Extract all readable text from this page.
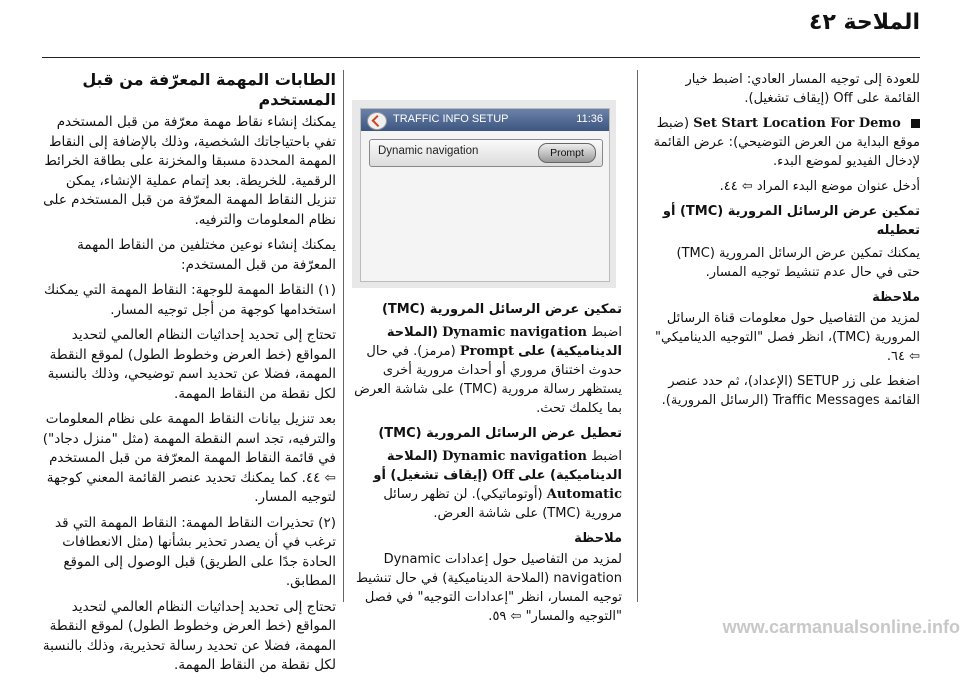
الملاحة ٤٢

الطابات المهمة المعرّفة من قبل المستخدم

يمكنك إنشاء نقاط مهمة معرّفة من قبل المستخدم تفي باحتياجاتك الشخصية، وذلك بالإضافة إلى النقاط المهمة المحددة مسبقا والمخزنة على بطاقة الخرائط الرقمية. للخريطة. بعد إتمام عملية الإنشاء، يمكن تنزيل النقاط المهمة المعرّفة من قبل المستخدم على نظام المعلومات والترفيه.

يمكنك إنشاء نوعين مختلفين من النقاط المهمة المعرّفة من قبل المستخدم:

(١) النقاط المهمة للوجهة: النقاط المهمة التي يمكنك استخدامها كوجهة من أجل توجيه المسار.

تحتاج إلى تحديد إحداثيات النظام العالمي لتحديد المواقع (خط العرض وخطوط الطول) لموقع النقطة المهمة، فضلا عن تحديد اسم توضيحي، وذلك بالنسبة لكل نقطة من النقاط المهمة.

بعد تنزيل بيانات النقاط المهمة على نظام المعلومات والترفيه، تجد اسم النقطة المهمة (مثل "منزل دجاد") في قائمة النقاط المهمة المعرّفة من قبل المستخدم ⇦ ٤٤. كما يمكنك تحديد عنصر القائمة المعني كوجهة لتوجيه المسار.

(٢) تحذيرات النقاط المهمة: النقاط المهمة التي قد ترغب في أن يصدر تحذير بشأنها (مثل الانعطافات الحادة جدًا على الطريق) قبل الوصول إلى الموقع المطابق.

تحتاج إلى تحديد إحداثيات النظام العالمي لتحديد المواقع (خط العرض وخطوط الطول) لموقع النقطة المهمة، فضلا عن تحديد رسالة تحذيرية، وذلك بالنسبة لكل نقطة من النقاط المهمة.

TRAFFIC INFO SETUP	11:36
Dynamic navigation	Prompt

تمكين عرض الرسائل المرورية (TMC)

اضبط Dynamic navigation (الملاحة الديناميكية) على Prompt (مرمز). في حال حدوث اختناق مروري أو أحداث مرورية أخرى يستظهر رسالة مرورية (TMC) على شاشة العرض بما يكلمك تحث.

تعطيل عرض الرسائل المرورية (TMC)

اضبط Dynamic navigation (الملاحة الديناميكية) على Off (إيقاف تشغيل) أو Automatic (أوتوماتيكي). لن تظهر رسائل مرورية (TMC) على شاشة العرض.

ملاحظة

لمزيد من التفاصيل حول إعدادات Dynamic navigation (الملاحة الديناميكية) في حال تنشيط توجيه المسار، انظر "إعدادات التوجيه" في فصل "التوجيه والمسار" ⇦ ٥٩.

للعودة إلى توجيه المسار العادي: اضبط خيار القائمة على Off (إيقاف تشغيل).

Set Start Location For Demo (ضبط موقع البداية من العرض التوضيحي): عرض القائمة لإدخال الفيديو لموضع البدء.

أدخل عنوان موضع البدء المراد ⇦ ٤٤.

تمكين عرض الرسائل المرورية (TMC) أو تعطيله

يمكنك تمكين عرض الرسائل المرورية (TMC) حتى في حال عدم تنشيط توجيه المسار.

ملاحظة

لمزيد من التفاصيل حول معلومات قناة الرسائل المرورية (TMC)، انظر فصل "التوجيه الديناميكي" ⇦ ٦٤.

اضغط على زر SETUP (الإعداد)، ثم حدد عنصر القائمة Traffic Messages (الرسائل المرورية).

www.carmanualsonline.info
